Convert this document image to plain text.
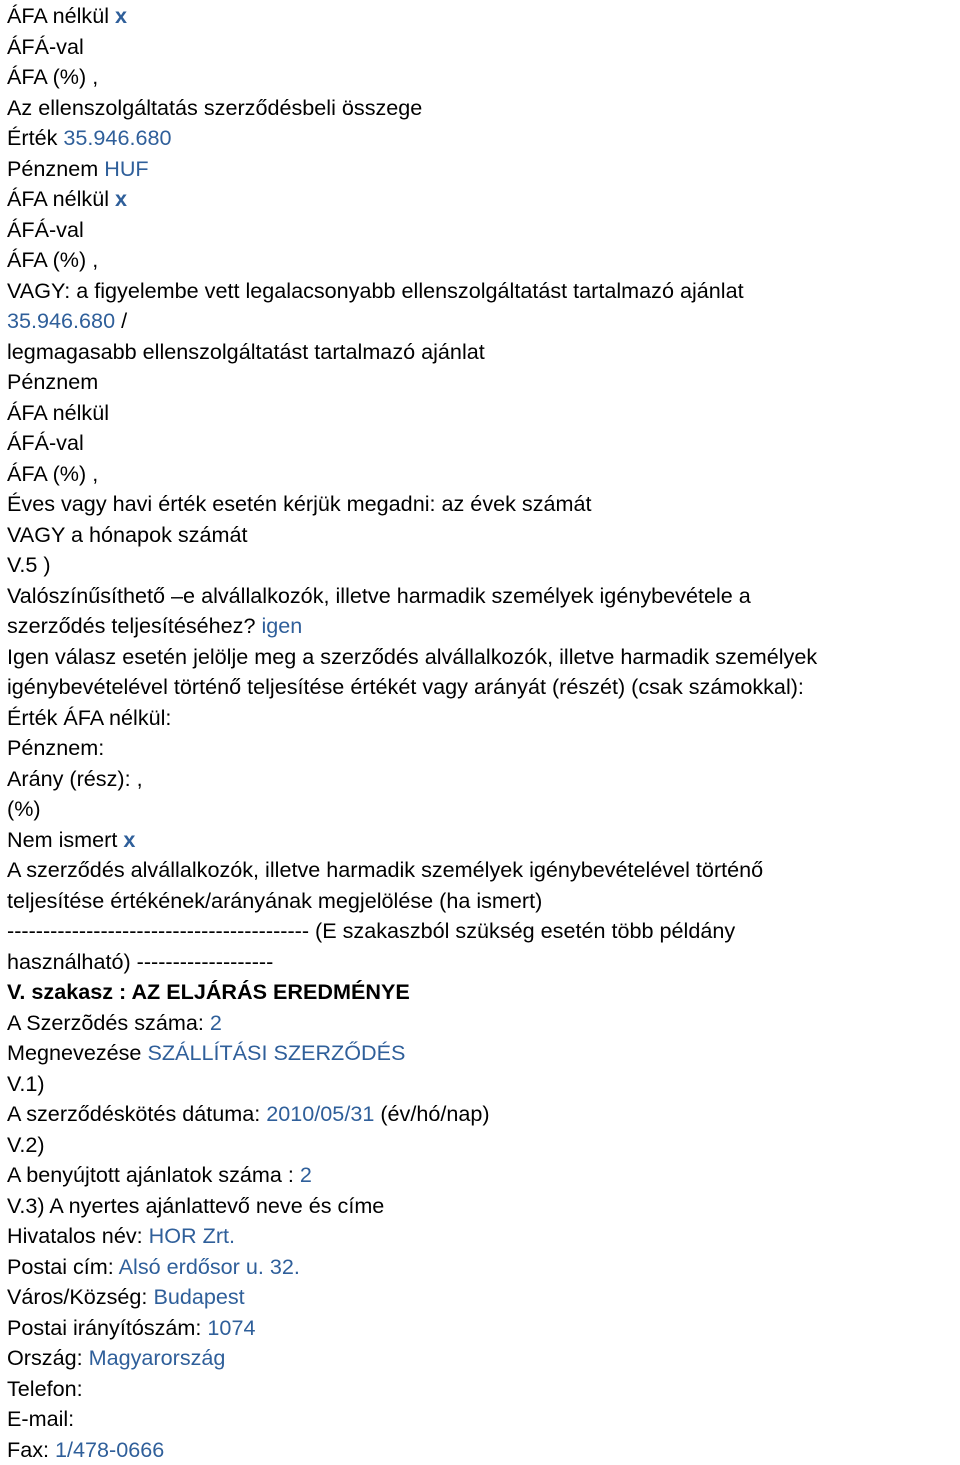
ÁFA nélkül x
ÁFÁ-val
ÁFA (%) ,
Az ellenszolgáltatás szerződésbeli összege
Érték 35.946.680
Pénznem HUF
ÁFA nélkül x
ÁFÁ-val
ÁFA (%) ,
VAGY: a figyelembe vett legalacsonyabb ellenszolgáltatást tartalmazó ajánlat
35.946.680 /
legmagasabb ellenszolgáltatást tartalmazó ajánlat
Pénznem
ÁFA nélkül
ÁFÁ-val
ÁFA (%) ,
Éves vagy havi érték esetén kérjük megadni: az évek számát
VAGY a hónapok számát
V.5 )
Valószínűsíthető –e alvállalkozók, illetve harmadik személyek igénybevétele a
szerződés teljesítéséhez? igen
Igen válasz esetén jelölje meg a szerződés alvállalkozók, illetve harmadik személyek
igénybevételével történő teljesítése értékét vagy arányát (részét) (csak számokkal):
Érték ÁFA nélkül:
Pénznem:
Arány (rész): ,
(%)
Nem ismert x
A szerződés alvállalkozók, illetve harmadik személyek igénybevételével történő
teljesítése értékének/arányának megjelölése (ha ismert)
------------------------------------------ (E szakaszból szükség esetén több példány
használható) -------------------
V. szakasz : AZ ELJÁRÁS EREDMÉNYE
A Szerzõdés száma: 2
Megnevezése SZÁLLÍTÁSI SZERZŐDÉS
V.1)
A szerződéskötés dátuma: 2010/05/31 (év/hó/nap)
V.2)
A benyújtott ajánlatok száma : 2
V.3) A nyertes ajánlattevő neve és címe
Hivatalos név: HOR Zrt.
Postai cím: Alsó erdősor u. 32.
Város/Község: Budapest
Postai irányítószám: 1074
Ország: Magyarország
Telefon:
E-mail:
Fax: 1/478-0666
